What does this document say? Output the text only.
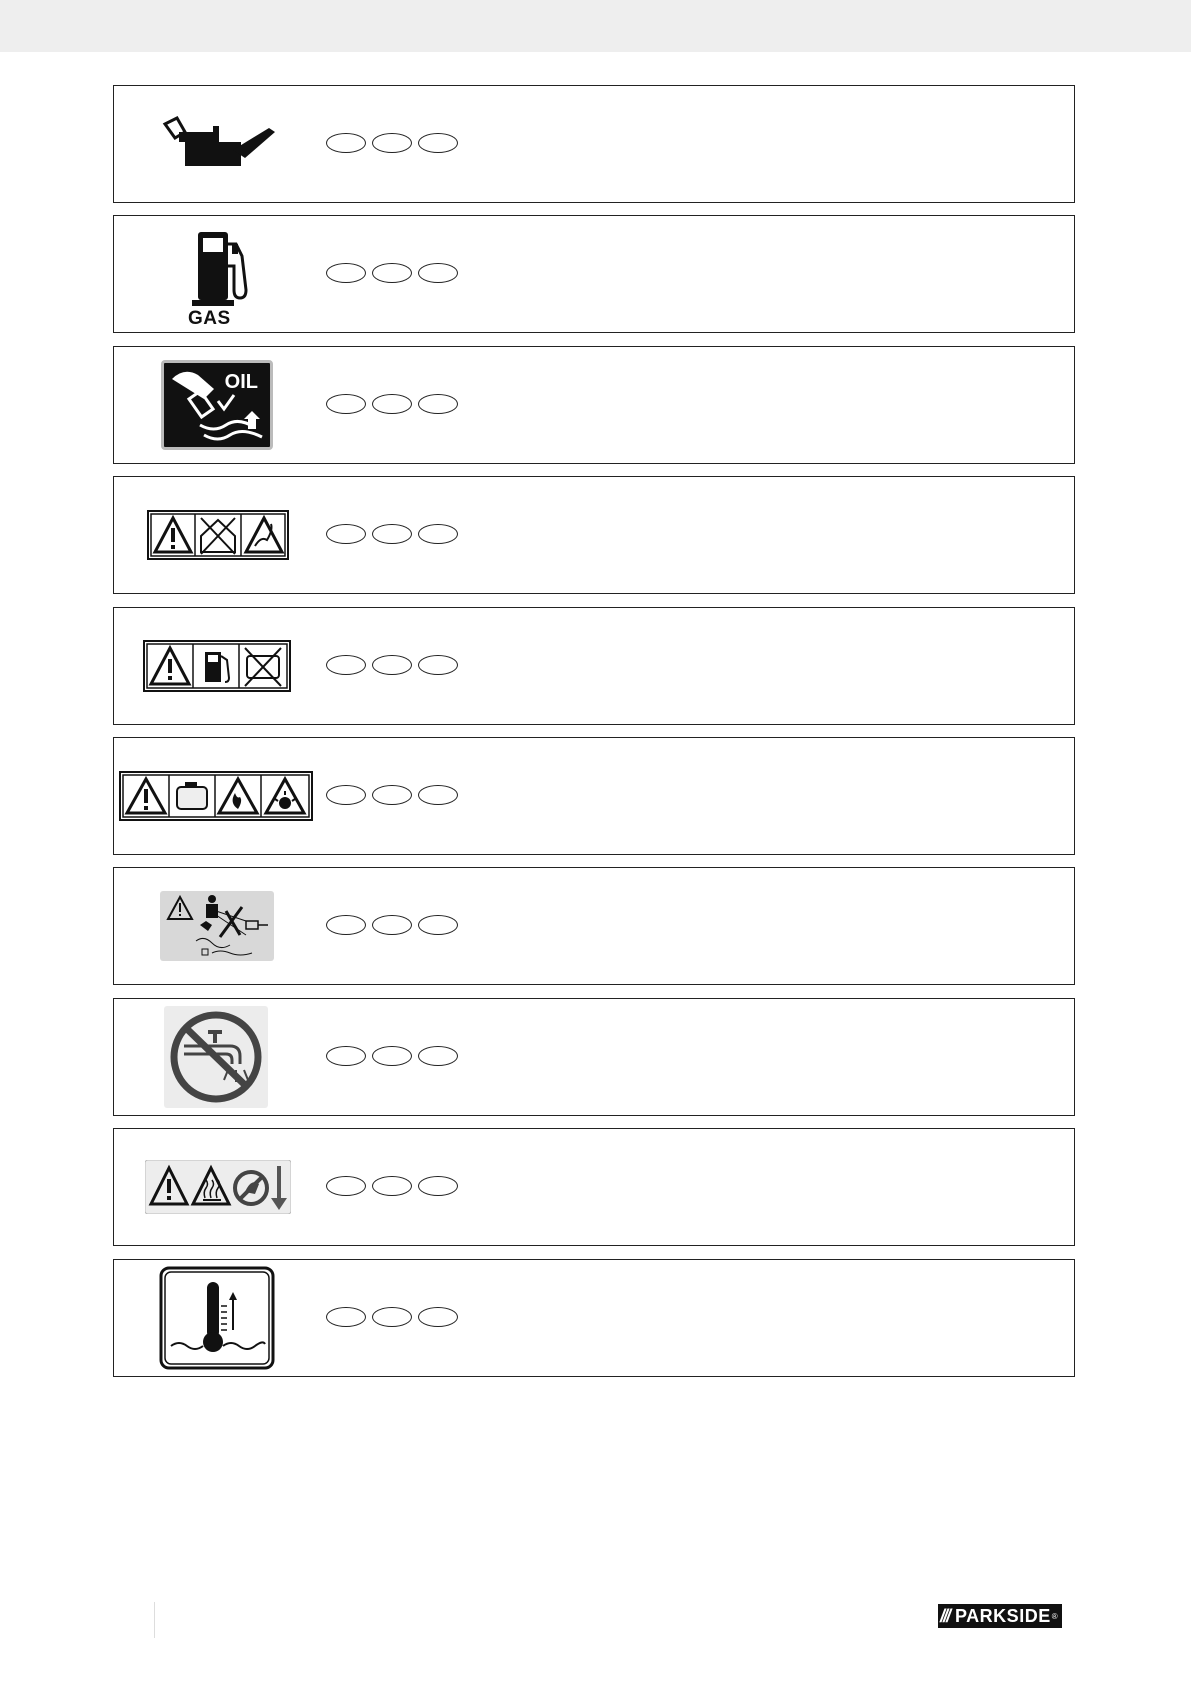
GAS
OIL
/// PARKSIDE ®
